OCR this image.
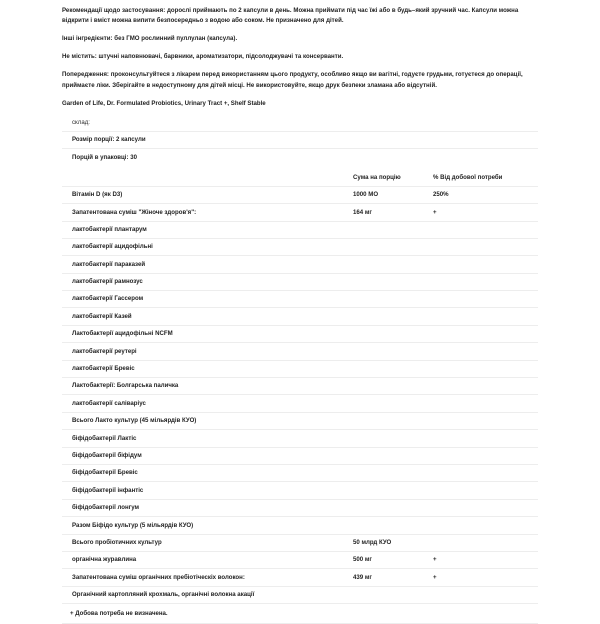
Рекомендації щодо застосування: дорослі приймають по 2 капсули в день. Можна приймати під час їжі або в будь–який зручний час. Капсули можна відкрити і вміст можна випити безпосередньо з водою або соком. Не призначено для дітей.

Інші інгредієнти: без ГМО рослинний пуллулан (капсула).

Не містить: штучні наповнювачі, барвники, ароматизатори, підсолоджувачі та консерванти.

Попередження: проконсультуйтеся з лікарем перед використанням цього продукту, особливо якщо ви вагітні, годуєте грудьми, готуєтеся до операції, приймаєте ліки. Зберігайте в недоступному для дітей місці. Не використовуйте, якщо друк безпеки зламана або відсутній.

Garden of Life, Dr. Formulated Probiotics, Urinary Tract +, Shelf Stable

склад:		
Розмір порції: 2 капсули		
Порцій в упаковці: 30		
	Сума на порцію	% Від добової потреби
Вітамін D (як D3)	1000 МО	250%
Запатентована суміш "Жіноче здоров'я":	164 мг	+
лактобактерії плантарум		
лактобактерії ацидофільні		
лактобактерії параказей		
лактобактерії рамнозус		
лактобактерії Гассером		
лактобактерії Казей		
Лактобактерії ацидофільні NCFM		
лактобактерії реутері		
лактобактерії Бревіс		
Лактобактерії: Болгарська паличка		
лактобактерії саліваріус		
Всього Лакто культур (45 мільярдів КУО)		
біфідобактерії Лактіс		
біфідобактерії біфідум		
біфідобактерії Бревіс		
біфідобактерії інфантіс		
біфідобактерії лонгум		
Разом Біфідо культур (5 мільярдів КУО)		
Всього пробіотичних культур	50 млрд КУО	
органічна журавлина	500 мг	+
Запатентована суміш органічних пребіотіческіх волокон:	439 мг	+
Органічний картопляний крохмаль, органічні волокна акації		
+ Добова потреба не визначена.
